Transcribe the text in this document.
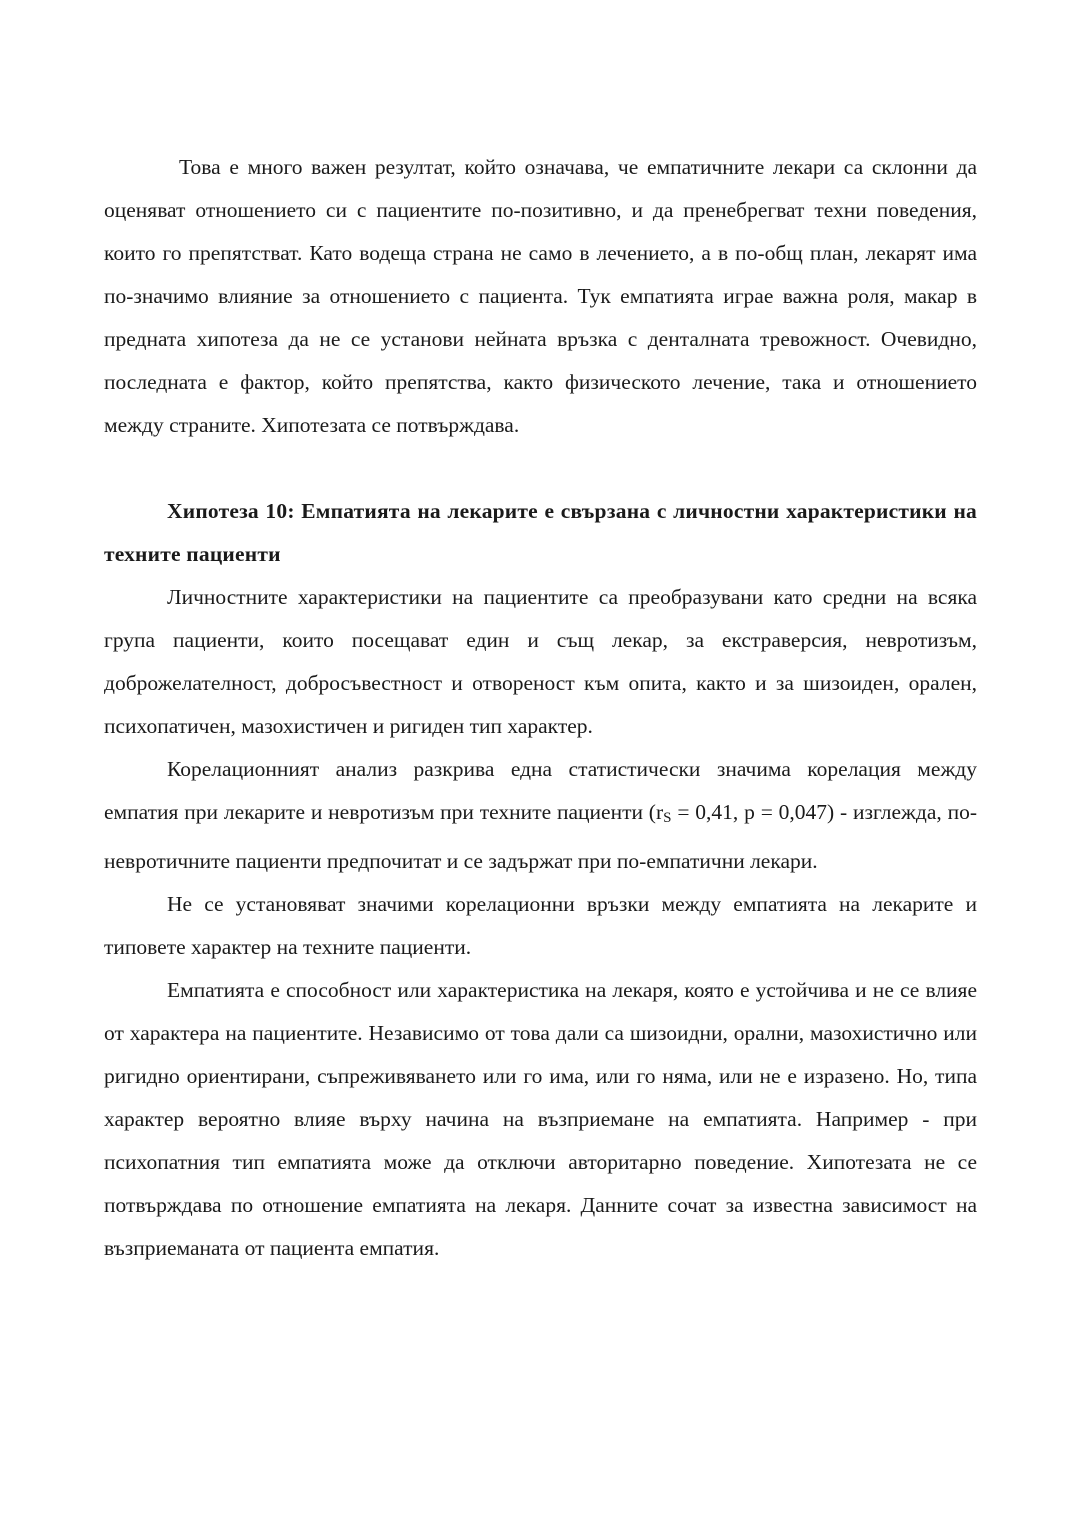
Това е много важен резултат, който означава, че емпатичните лекари са склонни да оценяват отношението си с пациентите по-позитивно, и да пренебрегват техни поведения, които го препятстват. Като водеща страна не само в лечението, а в по-общ план, лекарят има по-значимо влияние за отношението с пациента. Тук емпатията играе важна роля, макар в предната хипотеза да не се установи нейната връзка с денталната тревожност. Очевидно, последната е фактор, който препятства, както физическото лечение, така и отношението между страните. Хипотезата се потвърждава.

Хипотеза 10: Емпатията на лекарите е свързана с личностни характеристики на техните пациенти

Личностните характеристики на пациентите са преобразувани като средни на всяка група пациенти, които посещават един и същ лекар, за екстраверсия, невротизъм, доброжелателност, добросъвестност и отвореност към опита, както и за шизоиден, орален, психопатичен, мазохистичен и ригиден тип характер.

Корелационният анализ разкрива една статистически значима корелация между емпатия при лекарите и невротизъм при техните пациенти ($r_S = 0,41$, p = 0,047) - изглежда, по-невротичните пациенти предпочитат и се задържат при по-емпатични лекари.

Не се установяват значими корелационни връзки между емпатията на лекарите и типовете характер на техните пациенти.

Емпатията е способност или характеристика на лекаря, която е устойчива и не се влияе от характера на пациентите. Независимо от това дали са шизоидни, орални, мазохистично или ригидно ориентирани, съпреживяването или го има, или го няма, или не е изразено. Но, типа характер вероятно влияе върху начина на възприемане на емпатията. Например - при психопатния тип емпатията може да отключи авторитарно поведение. Хипотезата не се потвърждава по отношение емпатията на лекаря. Данните сочат за известна зависимост на възприеманата от пациента емпатия.
